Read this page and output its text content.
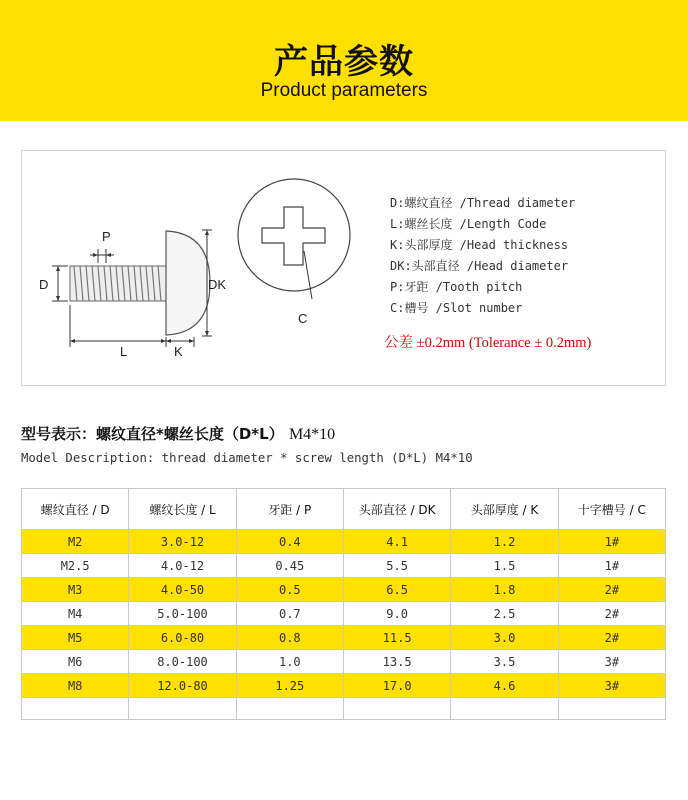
产品参数
Product parameters
P
D	DK
L	K
C
D:螺纹直径 /Thread diameter
L:螺丝长度 /Length Code
K:头部厚度 /Head thickness
DK:头部直径 /Head diameter
P:牙距 /Tooth pitch
C:槽号 /Slot number
公差 ±0.2mm (Tolerance ± 0.2mm)
型号表示：螺纹直径*螺丝长度（D*L） M4*10
Model Description: thread diameter * screw length (D*L) M4*10
螺纹直径 / D	螺纹长度 / L	牙距 / P	头部直径 / DK	头部厚度 / K	十字槽号 / C
M2	3.0-12	0.4	4.1	1.2	1#
M2.5	4.0-12	0.45	5.5	1.5	1#
M3	4.0-50	0.5	6.5	1.8	2#
M4	5.0-100	0.7	9.0	2.5	2#
M5	6.0-80	0.8	11.5	3.0	2#
M6	8.0-100	1.0	13.5	3.5	3#
M8	12.0-80	1.25	17.0	4.6	3#
